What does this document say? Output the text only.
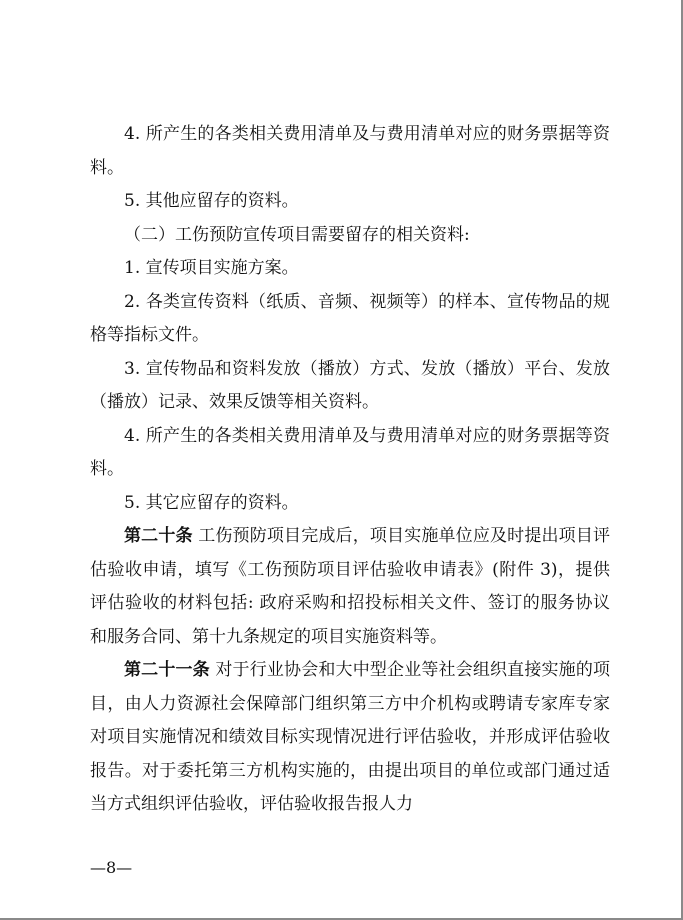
4. 所产生的各类相关费用清单及与费用清单对应的财务票据等资料。

5. 其他应留存的资料。

（二）工伤预防宣传项目需要留存的相关资料:

1. 宣传项目实施方案。

2. 各类宣传资料（纸质、音频、视频等）的样本、宣传物品的规格等指标文件。

3. 宣传物品和资料发放（播放）方式、发放（播放）平台、发放 （播放）记录、效果反馈等相关资料。

4. 所产生的各类相关费用清单及与费用清单对应的财务票据等资料。

5. 其它应留存的资料。

第二十条 工伤预防项目完成后，项目实施单位应及时提出项目评估验收申请，填写《工伤预防项目评估验收申请表》(附件 3)，提供评估验收的材料包括: 政府采购和招投标相关文件、签订的服务协议和服务合同、第十九条规定的项目实施资料等。

第二十一条 对于行业协会和大中型企业等社会组织直接实施的项目，由人力资源社会保障部门组织第三方中介机构或聘请专家库专家对项目实施情况和绩效目标实现情况进行评估验收，并形成评估验收报告。对于委托第三方机构实施的，由提出项目的单位或部门通过适当方式组织评估验收，评估验收报告报人力

—8—
